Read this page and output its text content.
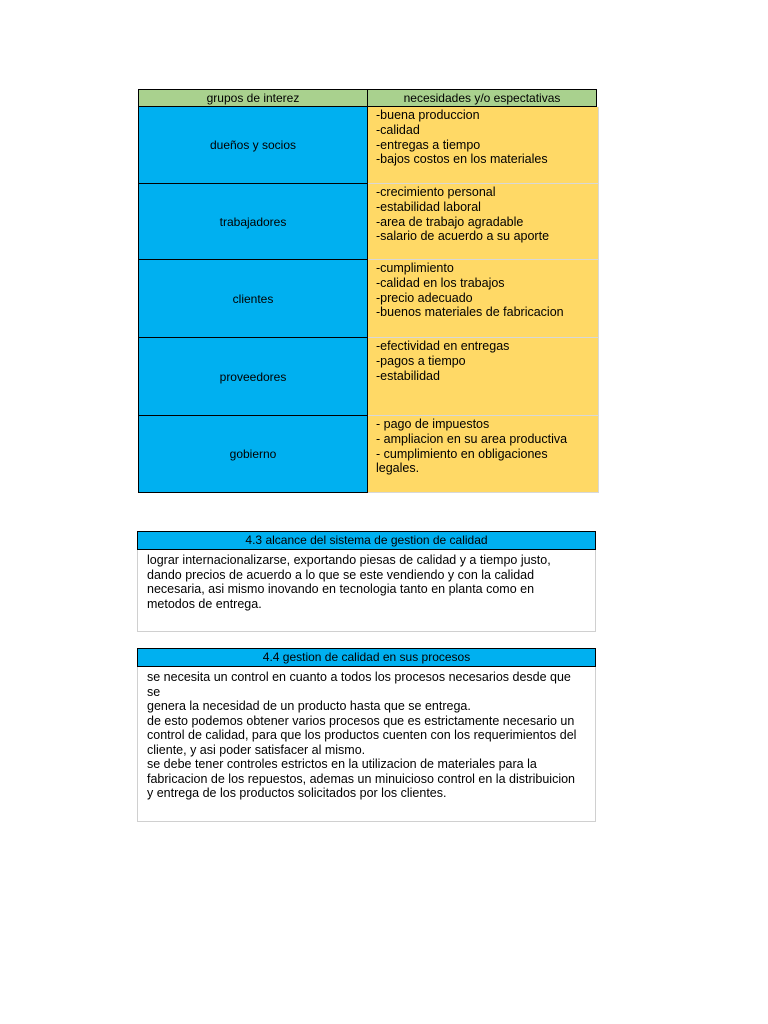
grupos de interez	necesidades y/o espectativas
dueños y socios
-buena produccion
-calidad
-entregas a tiempo
-bajos costos en los materiales
trabajadores
-crecimiento personal
-estabilidad laboral
-area de trabajo agradable
-salario de acuerdo a su aporte
clientes
-cumplimiento
-calidad en los trabajos
-precio adecuado
-buenos materiales de fabricacion
proveedores
-efectividad en entregas
-pagos a tiempo
-estabilidad
gobierno
- pago de impuestos
- ampliacion en su area productiva
- cumplimiento en obligaciones
legales.
4.3 alcance del sistema de gestion de calidad
lograr internacionalizarse, exportando piesas de calidad y a tiempo justo,
dando precios de acuerdo a lo que se este vendiendo y con la calidad
necesaria, asi mismo inovando en tecnologia tanto en planta como en
metodos de entrega.
4.4 gestion de calidad en sus procesos
se necesita un control en cuanto a todos los procesos necesarios desde que se
genera la necesidad de un producto hasta que se entrega.
de esto podemos obtener varios procesos que es estrictamente necesario un
control de calidad, para que los productos cuenten con los requerimientos del
cliente, y asi poder satisfacer al mismo.
se debe tener controles estrictos en la utilizacion de materiales para la
fabricacion de los repuestos, ademas un minuicioso control en la distribuicion
y entrega de los productos solicitados por los clientes.
